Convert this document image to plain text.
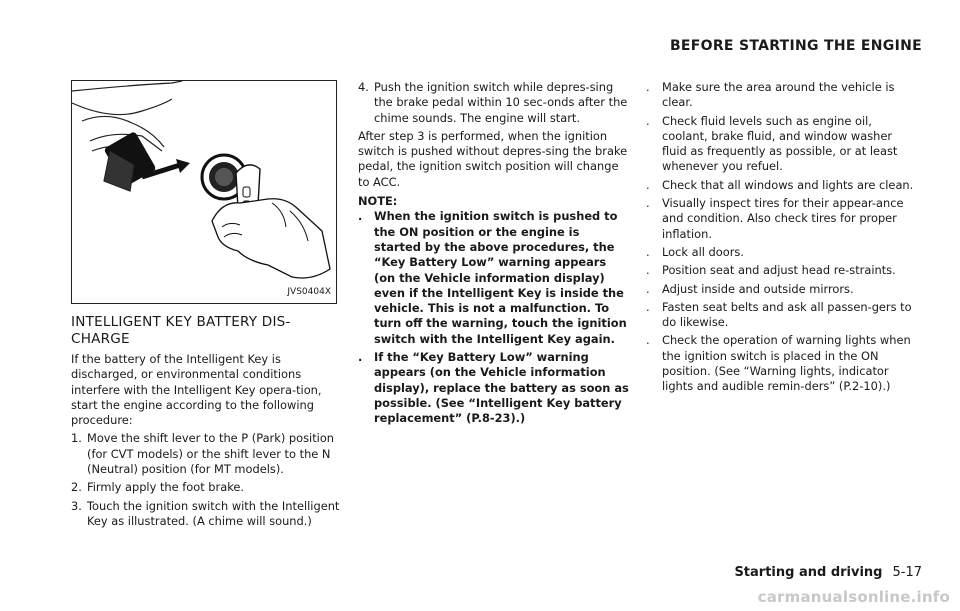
BEFORE STARTING THE ENGINE
JVS0404X
INTELLIGENT KEY BATTERY DIS-
CHARGE

If the battery of the Intelligent Key is discharged, or environmental conditions interfere with the Intelligent Key opera-tion, start the engine according to the following procedure:

1. Move the shift lever to the P (Park) position (for CVT models) or the shift lever to the N (Neutral) position (for MT models).
2. Firmly apply the foot brake.
3. Touch the ignition switch with the Intelligent Key as illustrated. (A chime will sound.)
4. Push the ignition switch while depres-sing the brake pedal within 10 sec-onds after the chime sounds. The engine will start.

After step 3 is performed, when the ignition switch is pushed without depres-sing the brake pedal, the ignition switch position will change to ACC.

NOTE:
. When the ignition switch is pushed to the ON position or the engine is started by the above procedures, the “Key Battery Low” warning appears (on the Vehicle information display) even if the Intelligent Key is inside the vehicle. This is not a malfunction. To turn off the warning, touch the ignition switch with the Intelligent Key again.
. If the “Key Battery Low” warning appears (on the Vehicle information display), replace the battery as soon as possible. (See “Intelligent Key battery replacement” (P.8-23).)
. Make sure the area around the vehicle is clear.
. Check fluid levels such as engine oil, coolant, brake fluid, and window washer fluid as frequently as possible, or at least whenever you refuel.
. Check that all windows and lights are clean.
. Visually inspect tires for their appear-ance and condition. Also check tires for proper inflation.
. Lock all doors.
. Position seat and adjust head re-straints.
. Adjust inside and outside mirrors.
. Fasten seat belts and ask all passen-gers to do likewise.
. Check the operation of warning lights when the ignition switch is placed in the ON position. (See “Warning lights, indicator lights and audible remin-ders” (P.2-10).)
Starting and driving 5-17
carmanualsonline.info
